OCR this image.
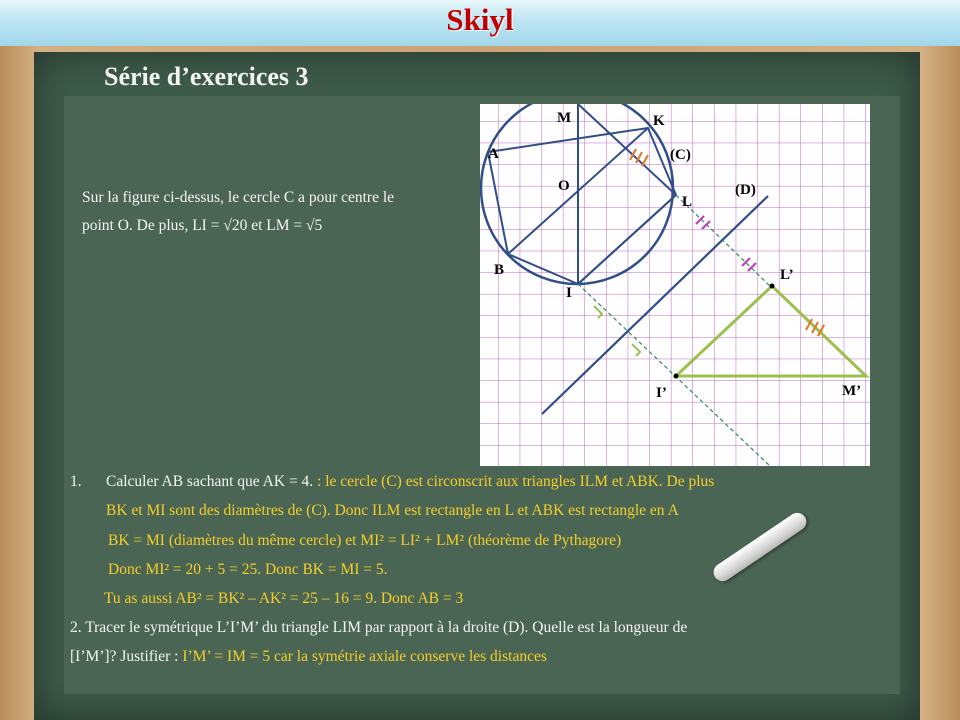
Skiyl
Série d’exercices 3
Sur la figure ci-dessus, le cercle C a pour centre le
point O. De plus, LI = √20 et LM = √5
M	K
A	(C)
O	(D)
L
B	L’
I
I’	M’
1. Calculer AB sachant que AK = 4. : le cercle (C) est circonscrit aux triangles ILM et ABK. De plus
BK et MI sont des diamètres de (C). Donc ILM est rectangle en L et ABK est rectangle en A
BK = MI (diamètres du même cercle) et MI² = LI² + LM² (théorème de Pythagore)
Donc MI² = 20 + 5 = 25. Donc BK = MI = 5.
Tu as aussi AB² = BK² – AK² = 25 – 16 = 9. Donc AB = 3
2. Tracer le symétrique L’I’M’ du triangle LIM par rapport à la droite (D). Quelle est la longueur de
[I’M’]? Justifier : I’M’ = IM = 5 car la symétrie axiale conserve les distances
